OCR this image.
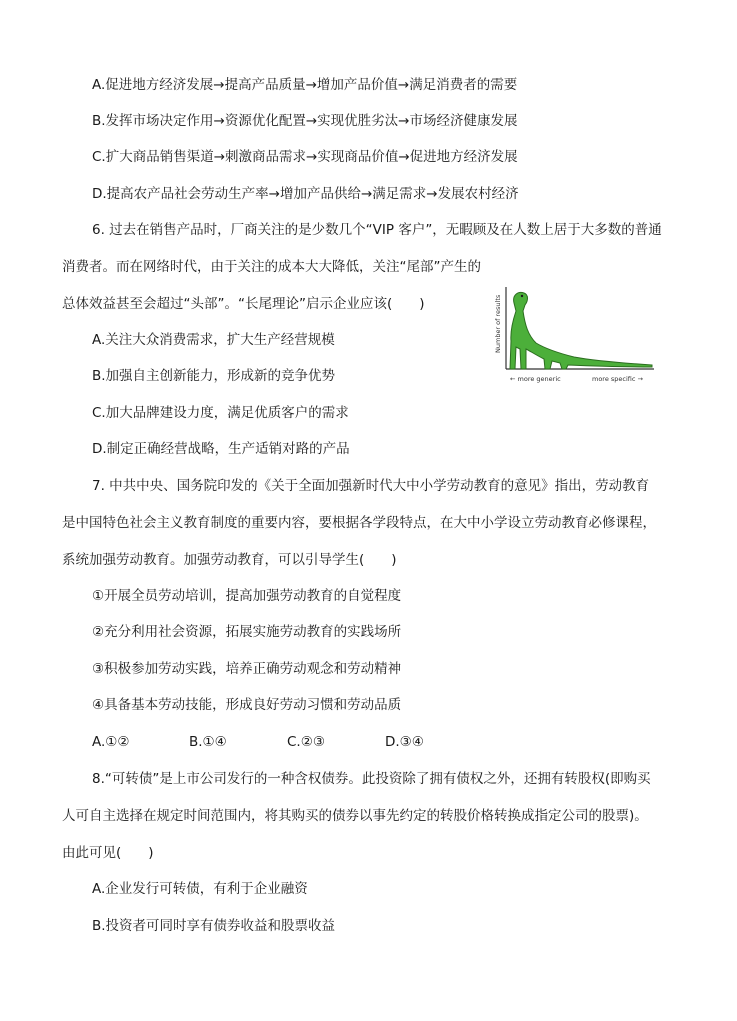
A.促进地方经济发展→提高产品质量→增加产品价值→满足消费者的需要
B.发挥市场决定作用→资源优化配置→实现优胜劣汰→市场经济健康发展
C.扩大商品销售渠道→刺激商品需求→实现商品价值→促进地方经济发展
D.提高农产品社会劳动生产率→增加产品供给→满足需求→发展农村经济
6. 过去在销售产品时，厂商关注的是少数几个“VIP 客户”，无暇顾及在人数上居于大多数的普通
消费者。而在网络时代，由于关注的成本大大降低，关注“尾部”产生的
总体效益甚至会超过“头部”。“长尾理论”启示企业应该(　　)
A.关注大众消费需求，扩大生产经营规模
B.加强自主创新能力，形成新的竞争优势
C.加大品牌建设力度，满足优质客户的需求
D.制定正确经营战略，生产适销对路的产品
Number of results
← more generic	more specific →
7. 中共中央、国务院印发的《关于全面加强新时代大中小学劳动教育的意见》指出，劳动教育
是中国特色社会主义教育制度的重要内容，要根据各学段特点，在大中小学设立劳动教育必修课程，
系统加强劳动教育。加强劳动教育，可以引导学生(　　)
①开展全员劳动培训，提高加强劳动教育的自觉程度
②充分利用社会资源，拓展实施劳动教育的实践场所
③积极参加劳动实践，培养正确劳动观念和劳动精神
④具备基本劳动技能，形成良好劳动习惯和劳动品质
A.①②	B.①④	C.②③	D.③④
8.“可转债”是上市公司发行的一种含权债券。此投资除了拥有债权之外，还拥有转股权(即购买
人可自主选择在规定时间范围内，将其购买的债券以事先约定的转股价格转换成指定公司的股票)。
由此可见(　　)
A.企业发行可转债，有利于企业融资
B.投资者可同时享有债券收益和股票收益
